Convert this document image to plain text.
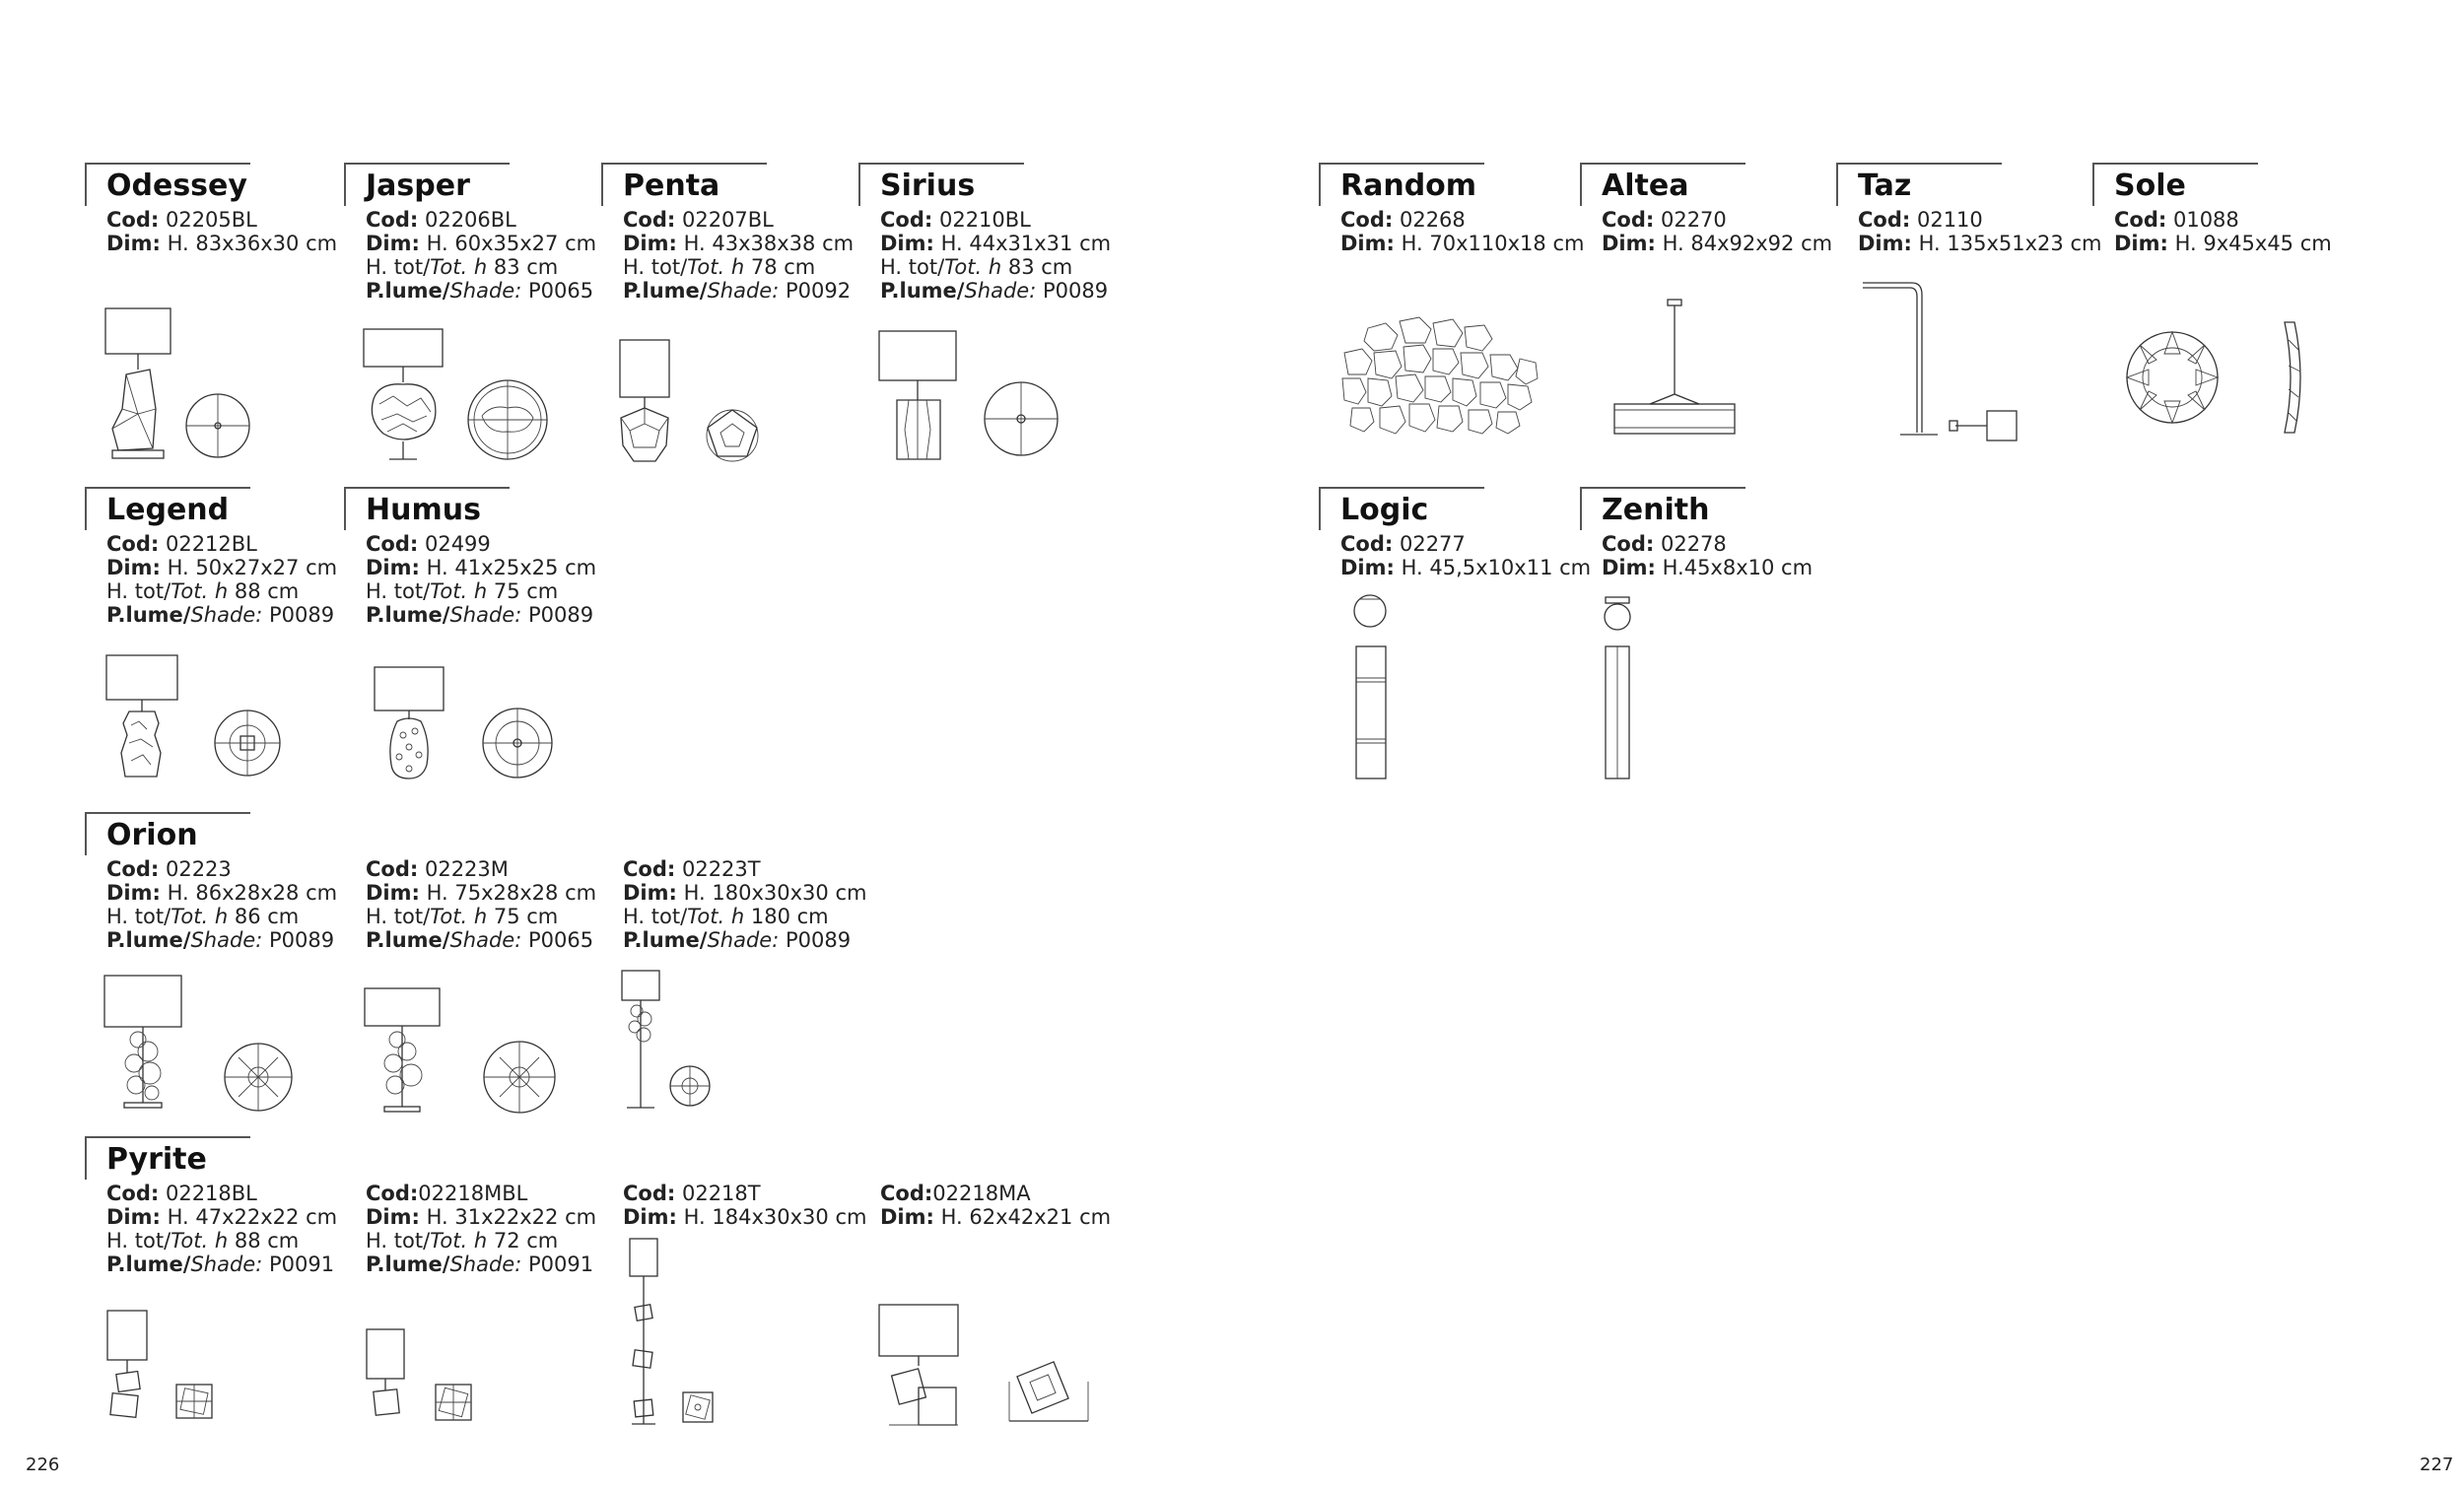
Odessey
Cod: 02205BL
Dim: H. 83x36x30 cm
Jasper
Cod: 02206BL
Dim: H. 60x35x27 cm
H. tot/Tot. h 83 cm
P.lume/Shade: P0065
Penta
Cod: 02207BL
Dim: H. 43x38x38 cm
H. tot/Tot. h 78 cm
P.lume/Shade: P0092
Sirius
Cod: 02210BL
Dim: H. 44x31x31 cm
H. tot/Tot. h 83 cm
P.lume/Shade: P0089
Legend
Cod: 02212BL
Dim: H. 50x27x27 cm
H. tot/Tot. h 88 cm
P.lume/Shade: P0089
Humus
Cod: 02499
Dim: H. 41x25x25 cm
H. tot/Tot. h 75 cm
P.lume/Shade: P0089
Orion
Cod: 02223
Dim: H. 86x28x28 cm
H. tot/Tot. h 86 cm
P.lume/Shade: P0089
Cod: 02223M
Dim: H. 75x28x28 cm
H. tot/Tot. h 75 cm
P.lume/Shade: P0065
Cod: 02223T
Dim: H. 180x30x30 cm
H. tot/Tot. h 180 cm
P.lume/Shade: P0089
Pyrite
Cod: 02218BL
Dim: H. 47x22x22 cm
H. tot/Tot. h 88 cm
P.lume/Shade: P0091
Cod:02218MBL
Dim: H. 31x22x22 cm
H. tot/Tot. h 72 cm
P.lume/Shade: P0091
Cod: 02218T
Dim: H. 184x30x30 cm
Cod:02218MA
Dim: H. 62x42x21 cm
Random
Cod: 02268
Dim: H. 70x110x18 cm
Altea
Cod: 02270
Dim: H. 84x92x92 cm
Taz
Cod: 02110
Dim: H. 135x51x23 cm
Sole
Cod: 01088
Dim: H. 9x45x45 cm
Logic
Cod: 02277
Dim: H. 45,5x10x11 cm
Zenith
Cod: 02278
Dim: H.45x8x10 cm
226	227
